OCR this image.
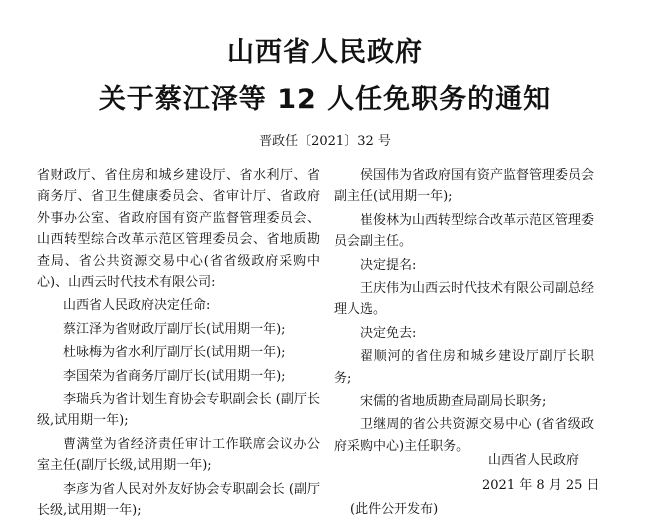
山西省人民政府
关于蔡江泽等 12 人任免职务的通知
晋政任〔2021〕32 号

省财政厅、省住房和城乡建设厅、省水利厅、省商务厅、省卫生健康委员会、省审计厅、省政府外事办公室、省政府国有资产监督管理委员会、山西转型综合改革示范区管理委员会、省地质勘查局、省公共资源交易中心(省省级政府采购中心)、山西云时代技术有限公司:

山西省人民政府决定任命:

蔡江泽为省财政厅副厅长(试用期一年);

杜咏梅为省水利厅副厅长(试用期一年);

李国荣为省商务厅副厅长(试用期一年);

李瑞兵为省计划生育协会专职副会长 (副厅长级,试用期一年);

曹满堂为省经济责任审计工作联席会议办公室主任(副厅长级,试用期一年);

李彦为省人民对外友好协会专职副会长 (副厅长级,试用期一年);

侯国伟为省政府国有资产监督管理委员会副主任(试用期一年);

崔俊林为山西转型综合改革示范区管理委员会副主任。

决定提名:

王庆伟为山西云时代技术有限公司副总经理人选。

决定免去:

翟顺河的省住房和城乡建设厅副厅长职务;

宋儒的省地质勘查局副局长职务;

卫继周的省公共资源交易中心 (省省级政府采购中心)主任职务。

山西省人民政府
2021 年 8 月 25 日
(此件公开发布)
